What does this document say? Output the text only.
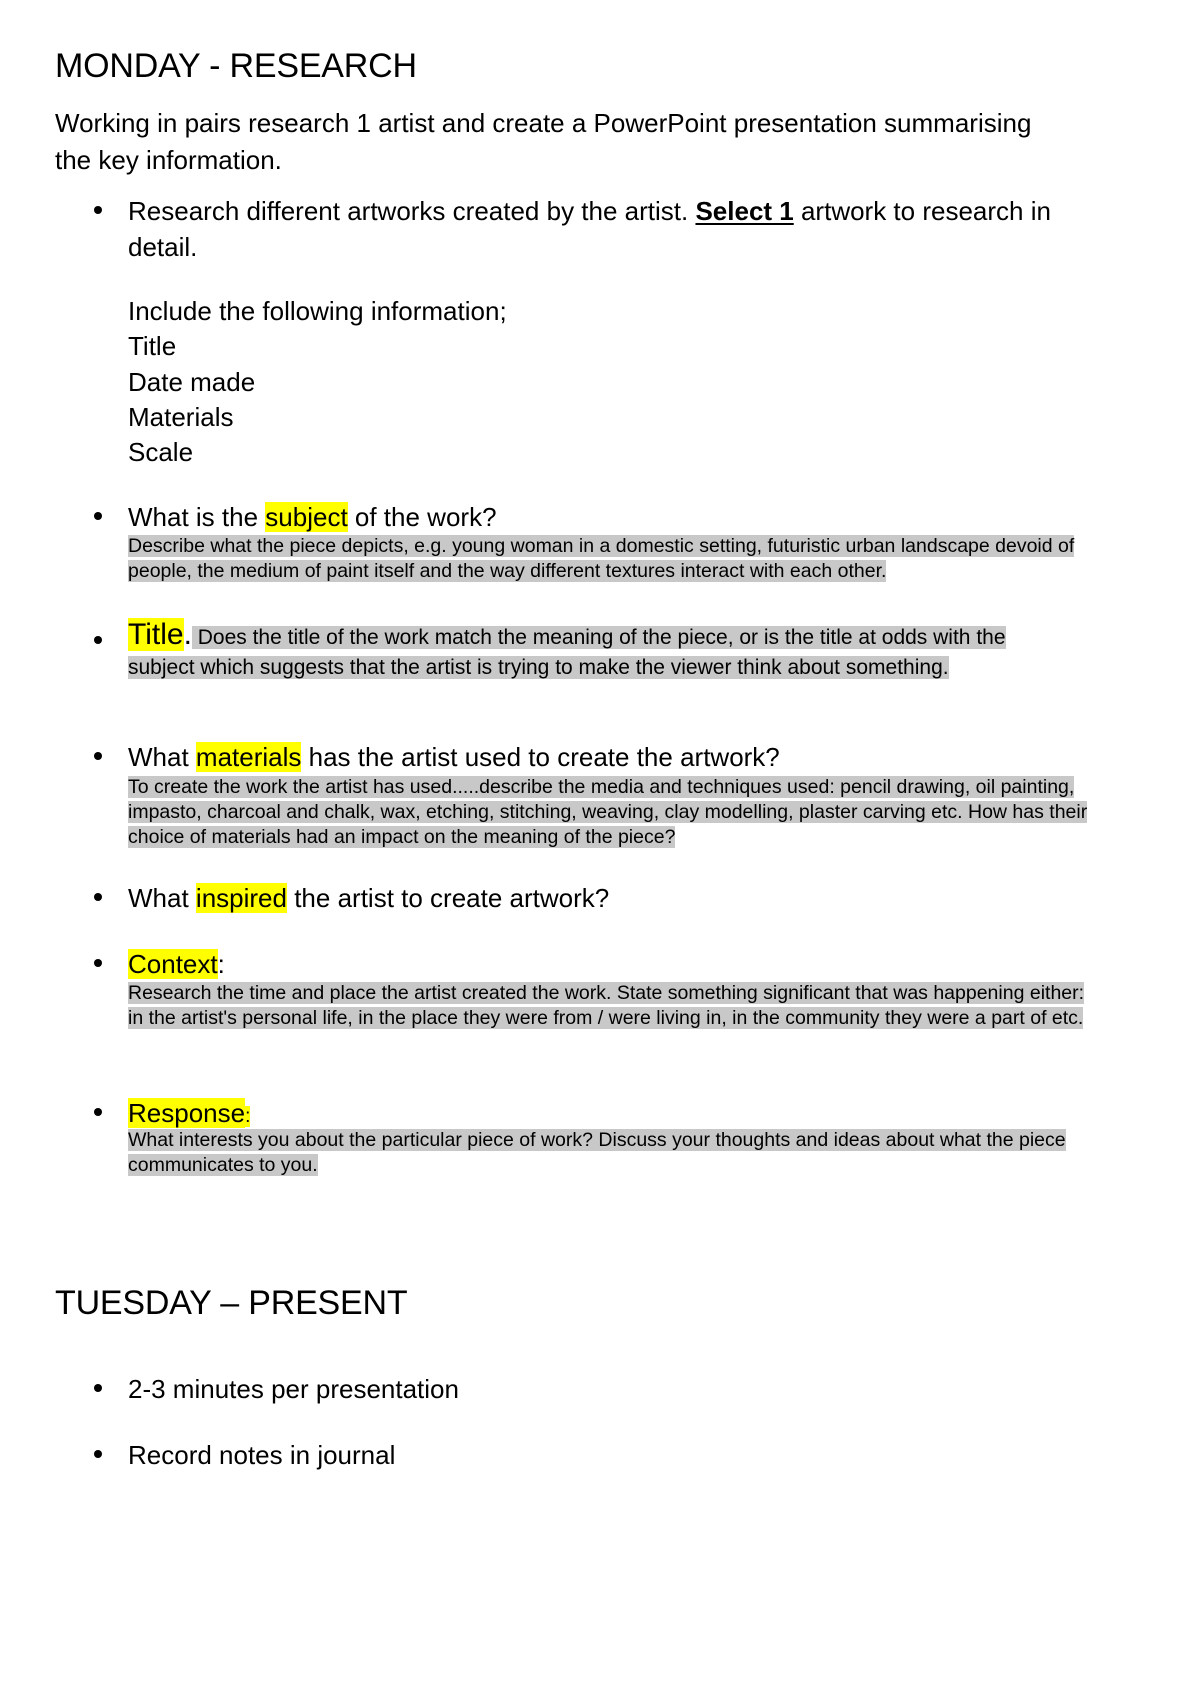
MONDAY - RESEARCH
Working in pairs research 1 artist and create a PowerPoint presentation summarising
the key information.
Research different artworks created by the artist. Select 1 artwork to research in
detail.
Include the following information;
Title
Date made
Materials
Scale
What is the subject of the work?
Describe what the piece depicts, e.g. young woman in a domestic setting, futuristic urban landscape devoid of
people, the medium of paint itself and the way different textures interact with each other.
Title. Does the title of the work match the meaning of the piece, or is the title at odds with the
subject which suggests that the artist is trying to make the viewer think about something.
What materials has the artist used to create the artwork?
To create the work the artist has used.....describe the media and techniques used: pencil drawing, oil painting,
impasto, charcoal and chalk, wax, etching, stitching, weaving, clay modelling, plaster carving etc. How has their
choice of materials had an impact on the meaning of the piece?
What inspired the artist to create artwork?
Context:
Research the time and place the artist created the work. State something significant that was happening either:
in the artist's personal life, in the place they were from / were living in, in the community they were a part of etc.
Response:
What interests you about the particular piece of work? Discuss your thoughts and ideas about what the piece
communicates to you.
TUESDAY – PRESENT
2-3 minutes per presentation
Record notes in journal
